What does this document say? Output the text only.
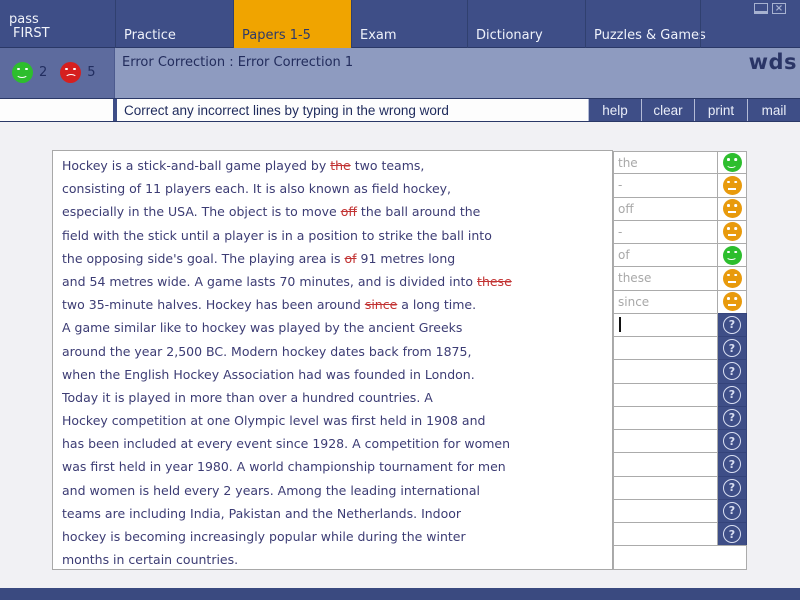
pass
FIRST	Practice	Papers 1-5	Exam	Dictionary	Puzzles & Games
×
2	5
Error Correction : Error Correction 1	wds
Correct any incorrect lines by typing in the wrong word	help	clear	print	mail
Hockey is a stick-and-ball game played by the two teams,
consisting of 11 players each. It is also known as field hockey,
especially in the USA. The object is to move off the ball around the
field with the stick until a player is in a position to strike the ball into
the opposing side's goal. The playing area is of 91 metres long
and 54 metres wide. A game lasts 70 minutes, and is divided into these
two 35-minute halves. Hockey has been around since a long time.
A game similar like to hockey was played by the ancient Greeks
around the year 2,500 BC. Modern hockey dates back from 1875,
when the English Hockey Association had was founded in London.
Today it is played in more than over a hundred countries. A
Hockey competition at one Olympic level was first held in 1908 and
has been included at every event since 1928. A competition for women
was first held in year 1980. A world championship tournament for men
and women is held every 2 years. Among the leading international
teams are including India, Pakistan and the Netherlands. Indoor
hockey is becoming increasingly popular while during the winter
months in certain countries.
the
-
off
-
of
these
since
?
?
?
?
?
?
?
?
?
?
